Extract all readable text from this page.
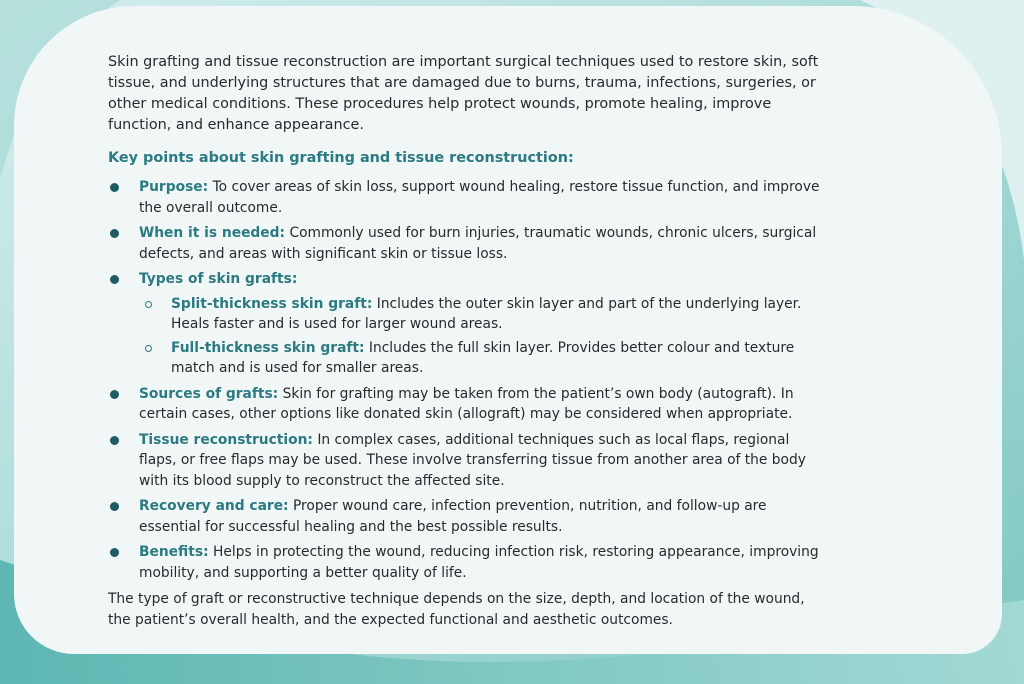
Skin grafting and tissue reconstruction are important surgical techniques used to restore skin, soft tissue, and underlying structures that are damaged due to burns, trauma, infections, surgeries, or other medical conditions. These procedures help protect wounds, promote healing, improve function, and enhance appearance.

Key points about skin grafting and tissue reconstruction:

Purpose: To cover areas of skin loss, support wound healing, restore tissue function, and improve the overall outcome.
When it is needed: Commonly used for burn injuries, traumatic wounds, chronic ulcers, surgical defects, and areas with significant skin or tissue loss.
Types of skin grafts:
Split-thickness skin graft: Includes the outer skin layer and part of the underlying layer. Heals faster and is used for larger wound areas.
Full-thickness skin graft: Includes the full skin layer. Provides better colour and texture match and is used for smaller areas.
Sources of grafts: Skin for grafting may be taken from the patient’s own body (autograft). In certain cases, other options like donated skin (allograft) may be considered when appropriate.
Tissue reconstruction: In complex cases, additional techniques such as local flaps, regional flaps, or free flaps may be used. These involve transferring tissue from another area of the body with its blood supply to reconstruct the affected site.
Recovery and care: Proper wound care, infection prevention, nutrition, and follow-up are essential for successful healing and the best possible results.
Benefits: Helps in protecting the wound, reducing infection risk, restoring appearance, improving mobility, and supporting a better quality of life.

The type of graft or reconstructive technique depends on the size, depth, and location of the wound, the patient’s overall health, and the expected functional and aesthetic outcomes.
